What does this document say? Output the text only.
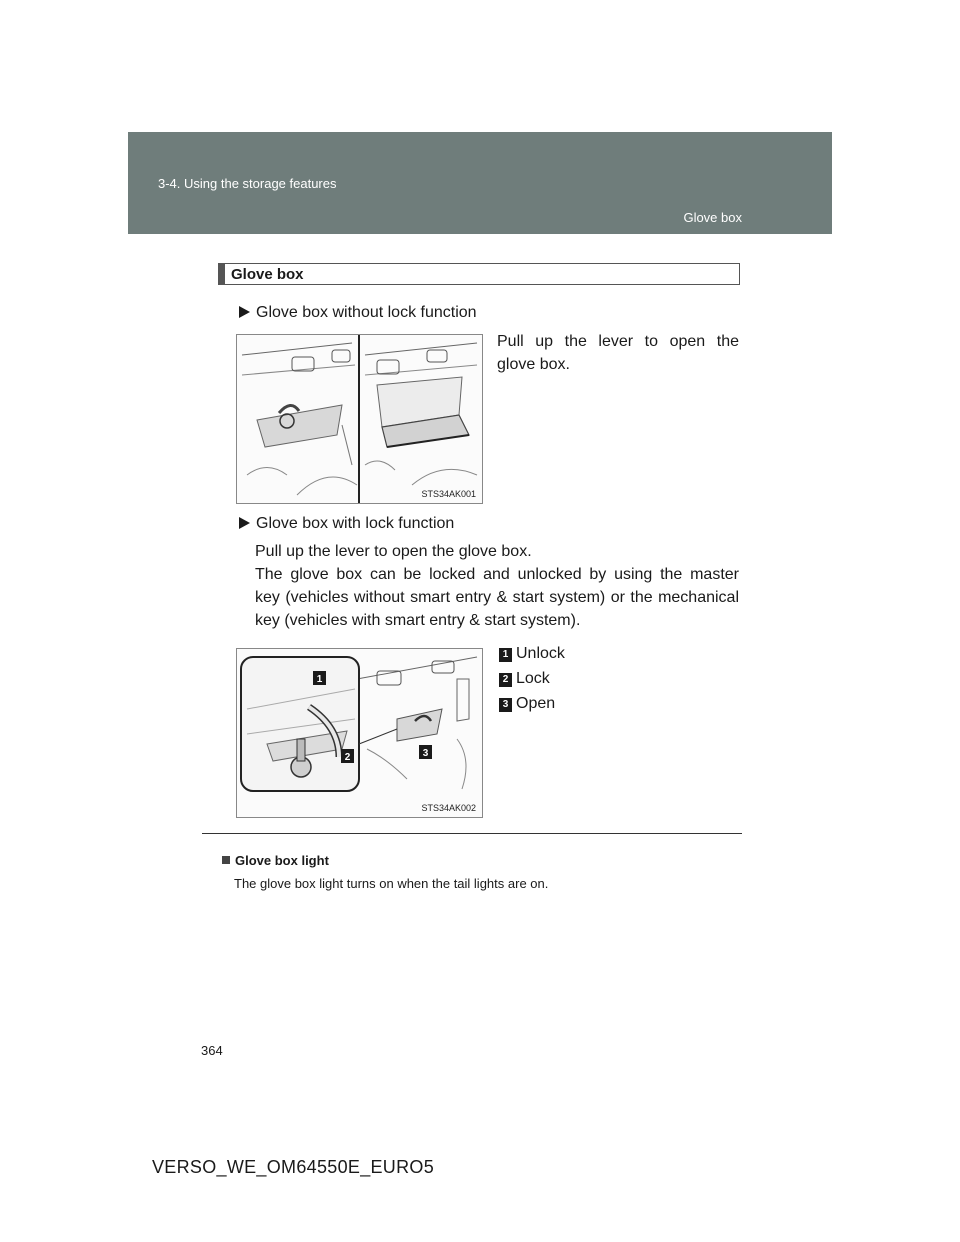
3-4. Using the storage features
Glove box
Glove box
Glove box without lock function
Pull up the lever to open the
glove box.
STS34AK001
Glove box with lock function
Pull up the lever to open the glove box.
The glove box can be locked and unlocked by using the master
key (vehicles without smart entry & start system) or the mechanical
key (vehicles with smart entry & start system).
1 Unlock
2 Lock
3 Open
1
2	3
STS34AK002
Glove box light
The glove box light turns on when the tail lights are on.
364
VERSO_WE_OM64550E_EURO5
